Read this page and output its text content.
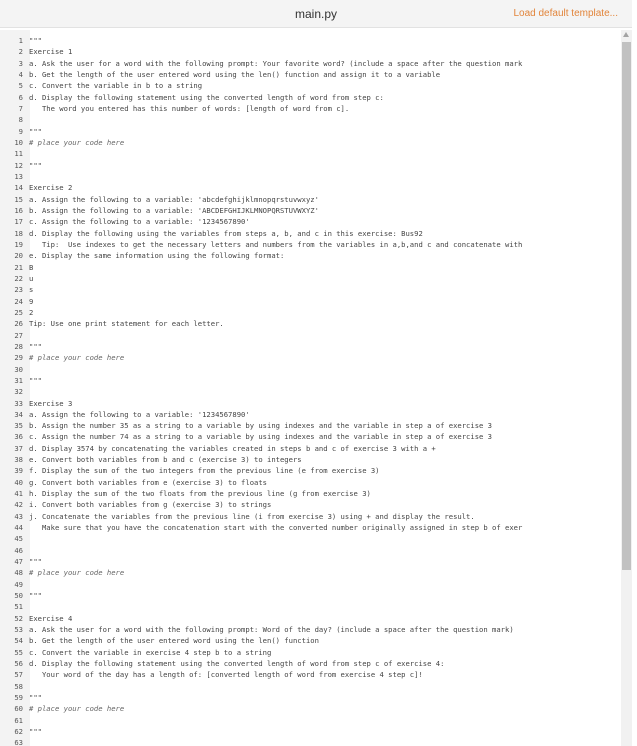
main.py	Load default template...
1 """
2 Exercise 1
3 a. Ask the user for a word with the following prompt: Your favorite word? (include a space after the question mark
4 b. Get the length of the user entered word using the len() function and assign it to a variable
5 c. Convert the variable in b to a string
6 d. Display the following statement using the converted length of word from step c:
7 The word you entered has this number of words: [length of word from c].
8
9 """
10 # place your code here
11
12 """
13
14 Exercise 2
15 a. Assign the following to a variable: 'abcdefghijklmnopqrstuvwxyz'
16 b. Assign the following to a variable: 'ABCDEFGHIJKLMNOPQRSTUVWXYZ'
17 c. Assign the following to a variable: '1234567890'
18 d. Display the following using the variables from steps a, b, and c in this exercise: Bus92
19 Tip:  Use indexes to get the necessary letters and numbers from the variables in a,b,and c and concatenate with
20 e. Display the same information using the following format:
21 B
22 u
23 s
24 9
25 2
26 Tip: Use one print statement for each letter.
27
28 """
29 # place your code here
30
31 """
32
33 Exercise 3
34 a. Assign the following to a variable: '1234567890'
35 b. Assign the number 35 as a string to a variable by using indexes and the variable in step a of exercise 3
36 c. Assign the number 74 as a string to a variable by using indexes and the variable in step a of exercise 3
37 d. Display 3574 by concatenating the variables created in steps b and c of exercise 3 with a +
38 e. Convert both variables from b and c (exercise 3) to integers
39 f. Display the sum of the two integers from the previous line (e from exercise 3)
40 g. Convert both variables from e (exercise 3) to floats
41 h. Display the sum of the two floats from the previous line (g from exercise 3)
42 i. Convert both variables from g (exercise 3) to strings
43 j. Concatenate the variables from the previous line (i from exercise 3) using + and display the result.
44 Make sure that you have the concatenation start with the converted number originally assigned in step b of exer
45
46
47 """
48 # place your code here
49
50 """
51
52 Exercise 4
53 a. Ask the user for a word with the following prompt: Word of the day? (include a space after the question mark)
54 b. Get the length of the user entered word using the len() function
55 c. Convert the variable in exercise 4 step b to a string
56 d. Display the following statement using the converted length of word from step c of exercise 4:
57 Your word of the day has a length of: [converted length of word from exercise 4 step c]!
58
59 """
60 # place your code here
61
62 """
63
